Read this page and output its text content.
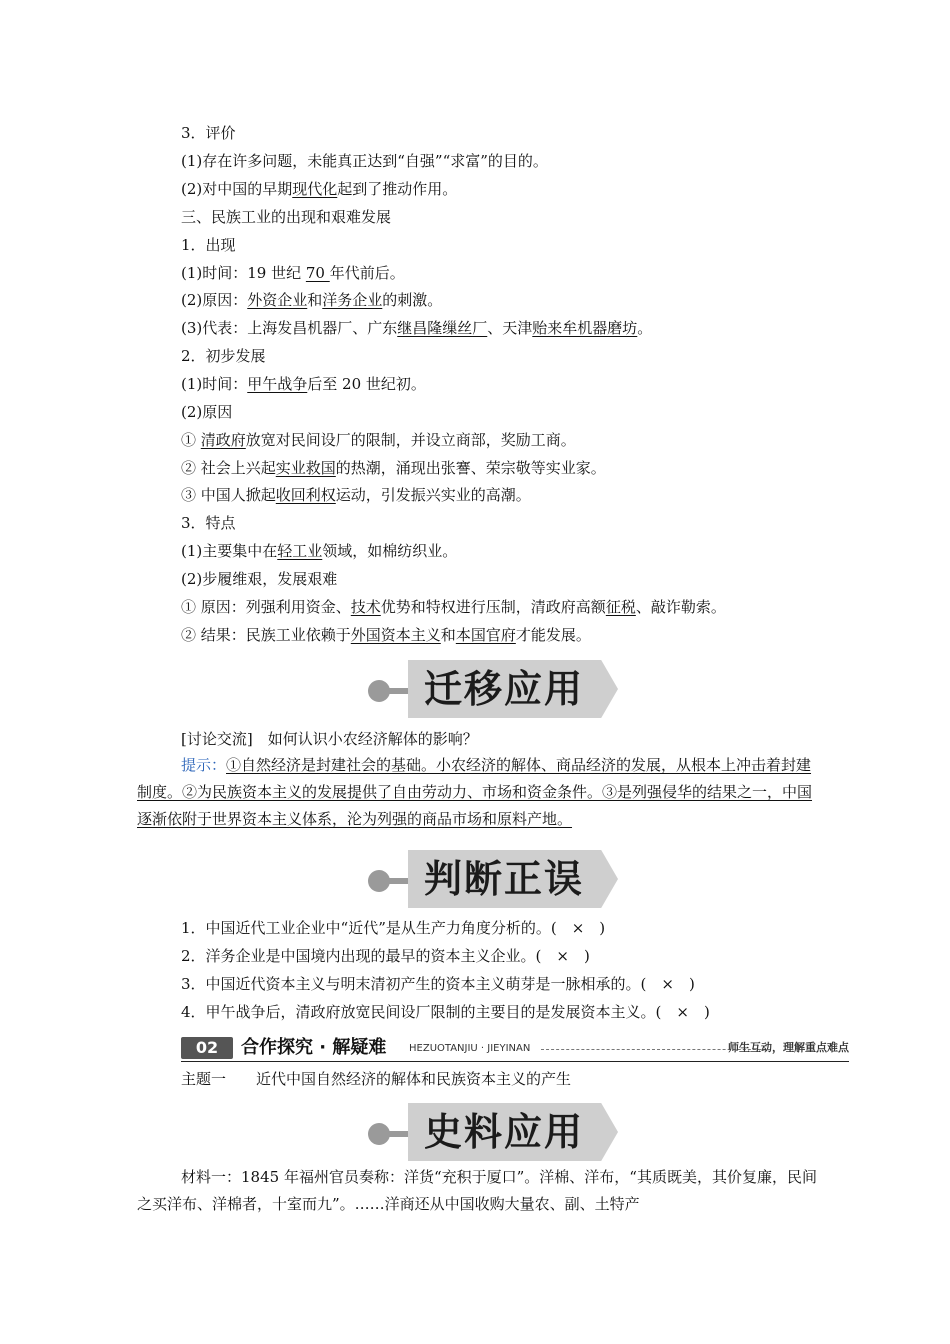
3．评价
(1)存在许多问题，未能真正达到“自强”“求富”的目的。
(2)对中国的早期现代化起到了推动作用。
三、民族工业的出现和艰难发展
1．出现
(1)时间：19 世纪 70 年代前后。
(2)原因：外资企业和洋务企业的刺激。
(3)代表：上海发昌机器厂、广东继昌隆缫丝厂、天津贻来牟机器磨坊。
2．初步发展
(1)时间：甲午战争后至 20 世纪初。
(2)原因
① 清政府放宽对民间设厂的限制，并设立商部，奖励工商。
② 社会上兴起实业救国的热潮，涌现出张謇、荣宗敬等实业家。
③ 中国人掀起收回利权运动，引发振兴实业的高潮。
3．特点
(1)主要集中在轻工业领域，如棉纺织业。
(2)步履维艰，发展艰难
① 原因：列强利用资金、技术优势和特权进行压制，清政府高额征税、敲诈勒索。
② 结果：民族工业依赖于外国资本主义和本国官府才能发展。
迁移应用
[讨论交流]　 如何认识小农经济解体的影响？
提示：①自然经济是封建社会的基础。小农经济的解体、商品经济的发展，从根本上冲击着封建制度。②为民族资本主义的发展提供了自由劳动力、市场和资金条件。③是列强侵华的结果之一，中国逐渐依附于世界资本主义体系，沦为列强的商品市场和原料产地。
判断正误
1．中国近代工业企业中“近代”是从生产力角度分析的。(　×　)
2．洋务企业是中国境内出现的最早的资本主义企业。(　×　)
3．中国近代资本主义与明末清初产生的资本主义萌芽是一脉相承的。(　×　)
4．甲午战争后，清政府放宽民间设厂限制的主要目的是发展资本主义。(　×　)
02	合作探究 · 解疑难 HEZUOTANJIU · JIEYINAN	师生互动，理解重点难点
主题一　　 近代中国自然经济的解体和民族资本主义的产生
史料应用
材料一：1845 年福州官员奏称：洋货“充积于厦口”。洋棉、洋布，“其质既美，其价复廉，民间之买洋布、洋棉者，十室而九”。……洋商还从中国收购大量农、副、土特产
